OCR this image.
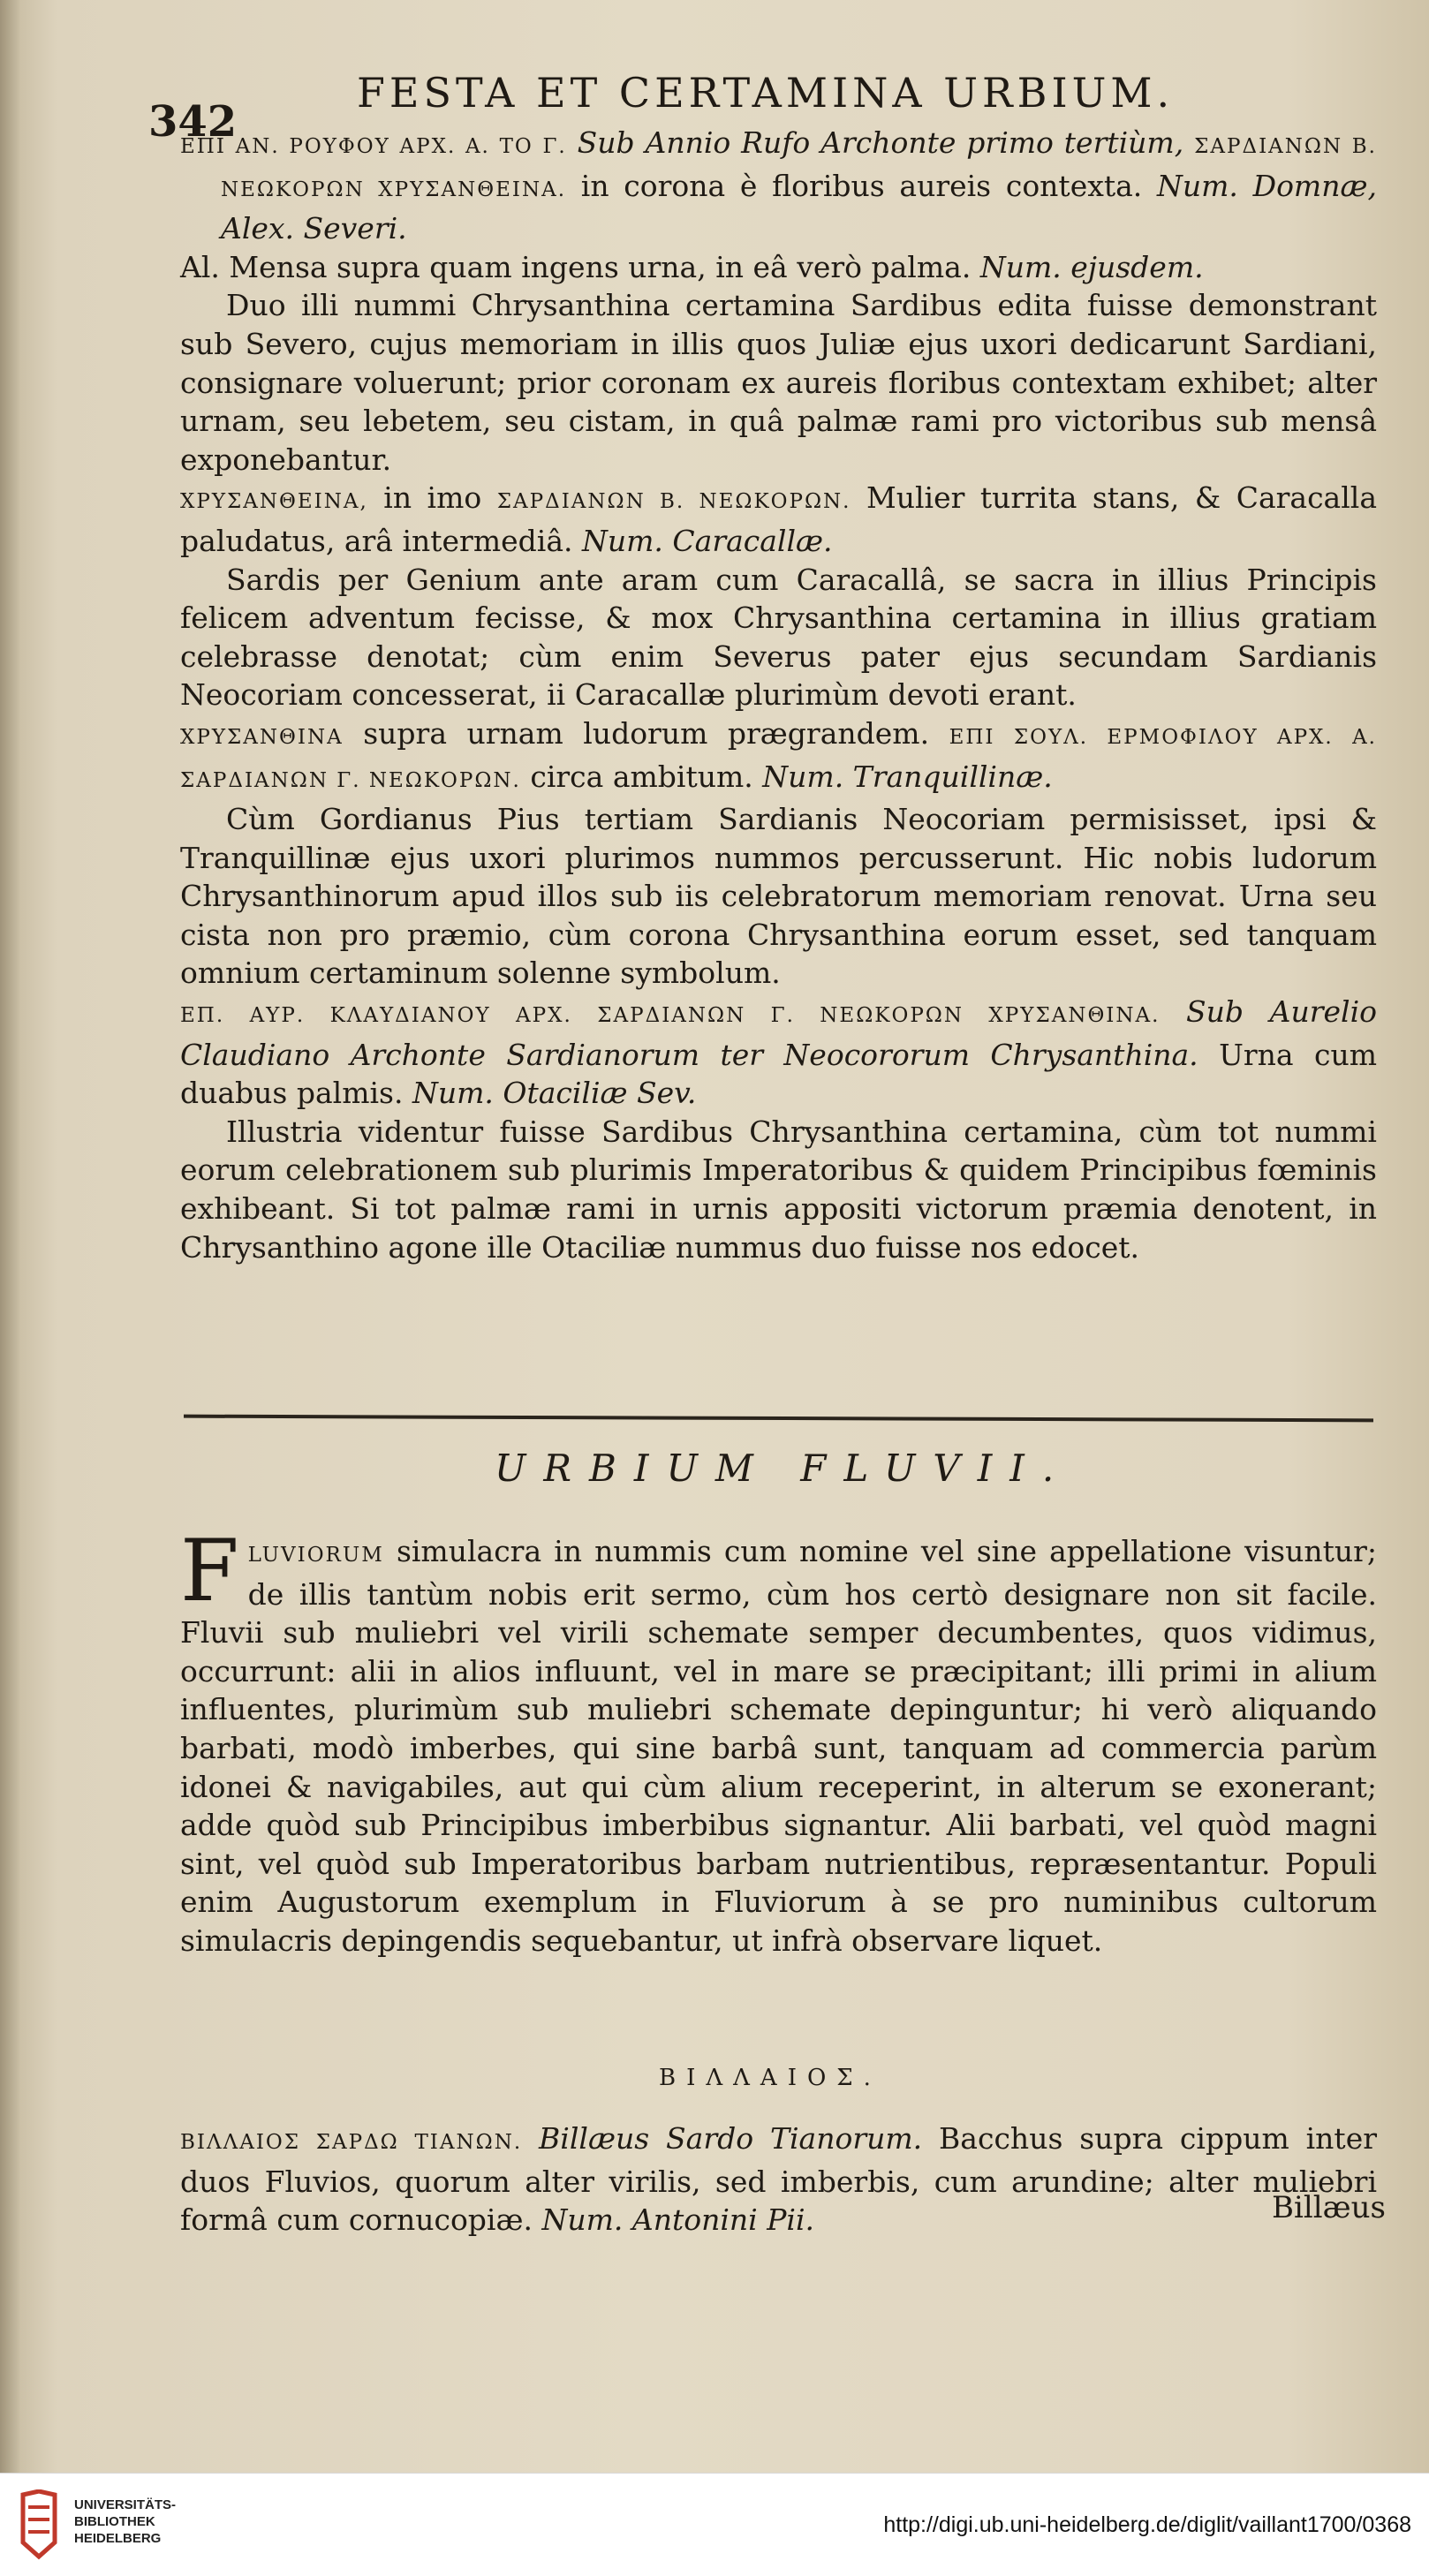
342
FESTA ET CERTAMINA URBIUM.

ΕΠΙ ΑΝ. ΡΟΥΦΟΥ ΑΡΧ. Α. ΤΟ Γ. Sub Annio Rufo Archonte primo tertiùm, ΣΑΡΔΙΑΝΩΝ Β. ΝΕΩΚΟΡΩΝ ΧΡΥΣΑΝΘΕΙΝΑ. in corona è floribus aureis contexta. Num. Domnæ, Alex. Severi.

Al. Mensa supra quam ingens urna, in eâ verò palma. Num. ejusdem.

Duo illi nummi Chrysanthina certamina Sardibus edita fuisse demonstrant sub Severo, cujus memoriam in illis quos Juliæ ejus uxori dedicarunt Sardiani, consignare voluerunt; prior coronam ex aureis floribus contextam exhibet; alter urnam, seu lebetem, seu cistam, in quâ palmæ rami pro victoribus sub mensâ exponebantur.

ΧΡΥΣΑΝΘΕΙΝΑ, in imo ΣΑΡΔΙΑΝΩΝ Β. ΝΕΩΚΟΡΩΝ. Mulier turrita stans, & Caracalla paludatus, arâ intermediâ. Num. Caracallæ.

Sardis per Genium ante aram cum Caracallâ, se sacra in illius Principis felicem adventum fecisse, & mox Chrysanthina certamina in illius gratiam celebrasse denotat; cùm enim Severus pater ejus secundam Sardianis Neocoriam concesserat, ii Caracallæ plurimùm devoti erant.

ΧΡΥΣΑΝΘΙΝΑ supra urnam ludorum prægrandem. ΕΠΙ ΣΟΥΛ. ΕΡΜΟΦΙΛΟΥ ΑΡΧ. Α. ΣΑΡΔΙΑΝΩΝ Γ. ΝΕΩΚΟΡΩΝ. circa ambitum. Num. Tranquillinæ.

Cùm Gordianus Pius tertiam Sardianis Neocoriam permisisset, ipsi & Tranquillinæ ejus uxori plurimos nummos percusserunt. Hic nobis ludorum Chrysanthinorum apud illos sub iis celebratorum memoriam renovat. Urna seu cista non pro præmio, cùm corona Chrysanthina eorum esset, sed tanquam omnium certaminum solenne symbolum.

ΕΠ. ΑΥΡ. ΚΛΑΥΔΙΑΝΟΥ ΑΡΧ. ΣΑΡΔΙΑΝΩΝ Γ. ΝΕΩΚΟΡΩΝ ΧΡΥΣΑΝΘΙΝΑ. Sub Aurelio Claudiano Archonte Sardianorum ter Neocororum Chrysanthina. Urna cum duabus palmis. Num. Otaciliæ Sev.

Illustria videntur fuisse Sardibus Chrysanthina certamina, cùm tot nummi eorum celebrationem sub plurimis Imperatoribus & quidem Principibus fœminis exhibeant. Si tot palmæ rami in urnis appositi victorum præmia denotent, in Chrysanthino agone ille Otaciliæ nummus duo fuisse nos edocet.

URBIUM FLUVII.
F LUVIORUM simulacra in nummis cum nomine vel sine appellatione visuntur; de illis tantùm nobis erit sermo, cùm hos certò designare non sit facile. Fluvii sub muliebri vel virili schemate semper decumbentes, quos vidimus, occurrunt: alii in alios influunt, vel in mare se præcipitant; illi primi in alium influentes, plurimùm sub muliebri schemate depinguntur; hi verò aliquando barbati, modò imberbes, qui sine barbâ sunt, tanquam ad commercia parùm idonei & navigabiles, aut qui cùm alium receperint, in alterum se exonerant; adde quòd sub Principibus imberbibus signantur. Alii barbati, vel quòd magni sint, vel quòd sub Imperatoribus barbam nutrientibus, repræsentantur. Populi enim Augustorum exemplum in Fluviorum à se pro numinibus cultorum simulacris depingendis sequebantur, ut infrà observare liquet.
ΒΙΛΛΑΙΟΣ.
ΒΙΛΛΑΙΟΣ ΣΑΡΔΩ ΤΙΑΝΩΝ. Billæus Sardo Tianorum. Bacchus supra cippum inter duos Fluvios, quorum alter virilis, sed imberbis, cum arundine; alter muliebri formâ cum cornucopiæ. Num. Antonini Pii.	Billæus
UNIVERSITÄTS-
BIBLIOTHEK
HEIDELBERG
http://digi.ub.uni-heidelberg.de/diglit/vaillant1700/0368
